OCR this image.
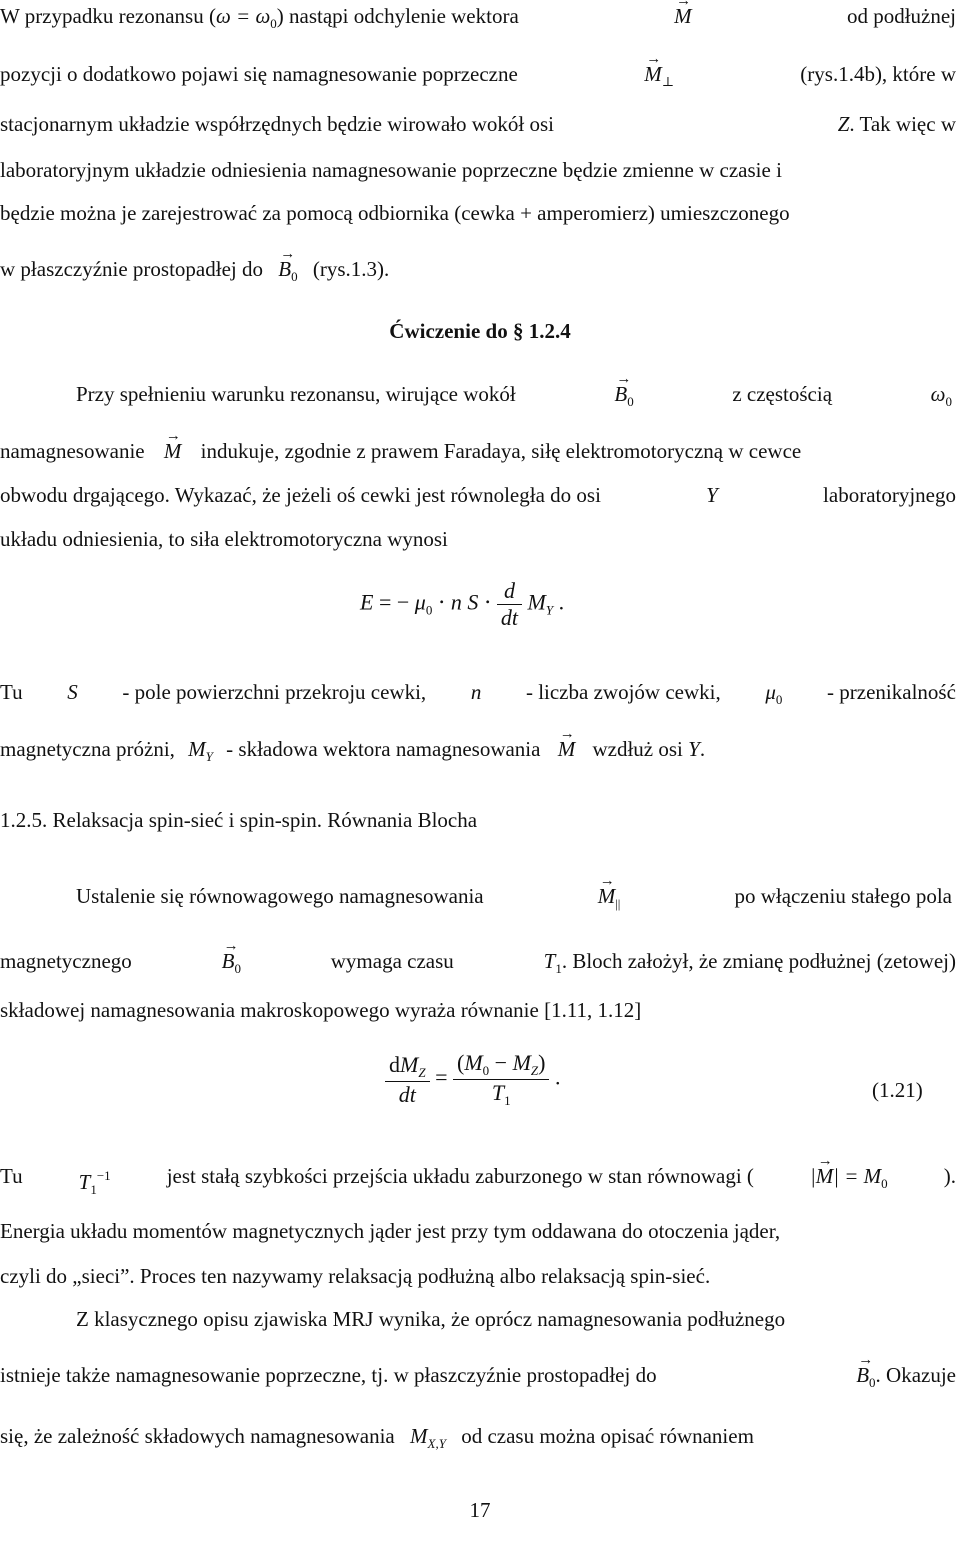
W przypadku rezonansu $(\omega = \omega_0)$ nastąpi odchylenie wektora	→ M	od podłużnej
pozycji o dodatkowo pojawi się namagnesowanie poprzeczne	→ $M_\perp$	(rys.1.4b), które w
stacjonarnym układzie współrzędnych będzie wirowało wokół osi	Z. Tak więc w
laboratoryjnym układzie odniesienia namagnesowanie poprzeczne będzie zmienne w czasie i
będzie można je zarejestrować za pomocą odbiornika (cewka + amperomierz) umieszczonego
w płaszczyźnie prostopadłej do → $B_0$ (rys.1.3).
Ćwiczenie do § 1.2.4
Przy spełnieniu warunku rezonansu, wirujące wokół	→ $B_0$	z częstością	$\omega_0$
namagnesowanie → M indukuje, zgodnie z prawem Faradaya, siłę elektromotoryczną w cewce
obwodu drgającego. Wykazać, że jeżeli oś cewki jest równoległa do osi	Y	laboratoryjnego
układu odniesienia, to siła elektromotoryczna wynosi
E = − $\mu_0 \cdot n$ $S \cdot \frac{d}{dt} M_Y$ .
Tu S - pole powierzchni przekroju cewki, n - liczba zwojów cewki, $\mu_0$ - przenikalność
magnetyczna próżni, $M_Y$ - składowa wektora namagnesowania → M wzdłuż osi Y.
1.2.5. Relaksacja spin-sieć i spin-spin. Równania Blocha
Ustalenie się równowagowego namagnesowania	→ $M_{||}$	po włączeniu stałego pola
magnetycznego	→ $B_0$	wymaga czasu	$T_1$. Bloch założył, że zmianę podłużnej (zetowej)
składowej namagnesowania makroskopowego wyraża równanie [1.11, 1.12]
$\frac{dM_Z}{dt} = \frac{(M_0 - M_Z)}{T_1}$ .
(1.21)
Tu	$T_1^{-1}$	jest stałą szybkości przejścia układu zaburzonego w stan równowagi (	|→ $M| = M_0$	).
Energia układu momentów magnetycznych jąder jest przy tym oddawana do otoczenia jąder,
czyli do „sieci”. Proces ten nazywamy relaksacją podłużną albo relaksacją spin-sieć.
Z klasycznego opisu zjawiska MRJ wynika, że oprócz namagnesowania podłużnego
istnieje także namagnesowanie poprzeczne, tj. w płaszczyźnie prostopadłej do	→ $B_0$. Okazuje
się, że zależność składowych namagnesowania $M_{X,Y}$ od czasu można opisać równaniem
17
